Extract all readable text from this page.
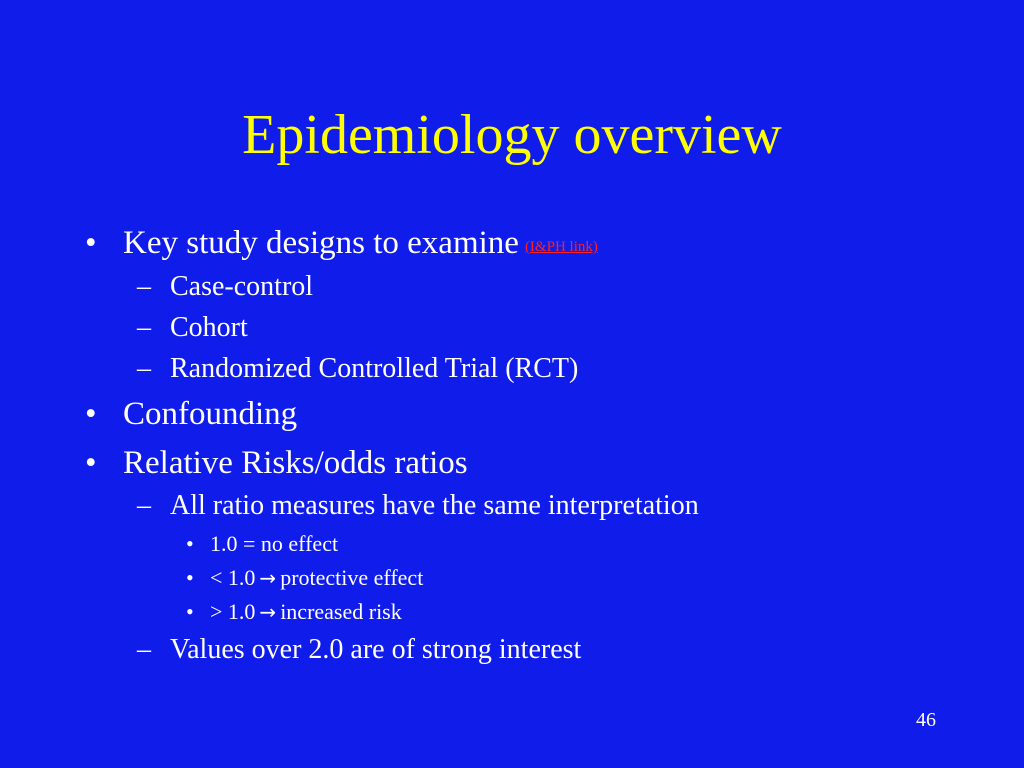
Epidemiology overview
• Key study designs to examine (I&PH link)
– Case-control
– Cohort
– Randomized Controlled Trial (RCT)
• Confounding
• Relative Risks/odds ratios
– All ratio measures have the same interpretation
• 1.0 = no effect
• < 1.0 → protective effect
• > 1.0 → increased risk
– Values over 2.0 are of strong interest
46
